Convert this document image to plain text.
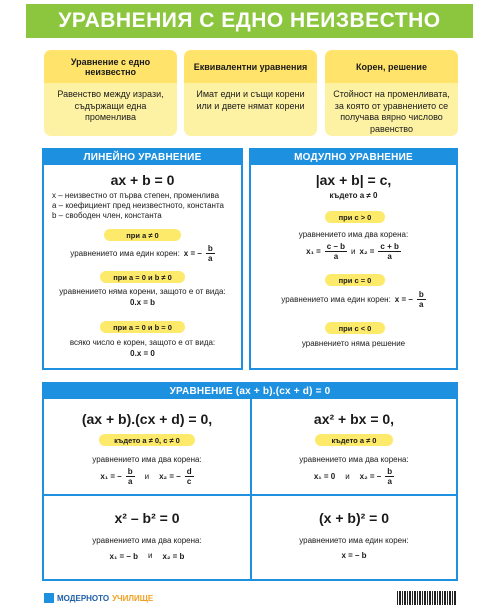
УРАВНЕНИЯ С ЕДНО НЕИЗВЕСТНО
Уравнение с едно неизвестно
Равенство между изрази, съдържащи една променлива
Еквивалентни уравнения
Имат едни и същи корени или и двете нямат корени
Корен, решение
Стойност на променливата, за която от уравнението се получава вярно числово равенство
ЛИНЕЙНО УРАВНЕНИЕ
ax + b = 0
x – неизвестно от първа степен, променлива
a – коефициент пред неизвестното, константа
b – свободен член, константа
при a ≠ 0
уравнението има един корен: x = – $\frac{b}{a}$
при a = 0 и b ≠ 0
уравнението няма корени, защото е от вида:
0.x = b
при a = 0 и b = 0
всяко число е корен, защото е от вида:
0.x = 0
МОДУЛНО УРАВНЕНИЕ
|ax + b| = c,
където a ≠ 0
при c > 0
уравнението има два корена:
$x_1 = \frac{c - b}{a}$ и $x_2 = \frac{c + b}{a}$
при c = 0
уравнението има един корен: x = – $\frac{b}{a}$
при c < 0
уравнението няма решение
УРАВНЕНИЕ (ax + b).(cx + d) = 0
(ax + b).(cx + d) = 0,
където a ≠ 0, c ≠ 0
уравнението има два корена:
x₁ = – $\frac{b}{a}$ и x₂ = – $\frac{d}{c}$
ax² + bx = 0,
където a ≠ 0
уравнението има два корена:
x₁ = 0 и x₂ = – $\frac{b}{a}$
x² – b² = 0
уравнението има два корена:
x₁ = – b и x₂ = b
(x + b)² = 0
уравнението има един корен:
x = – b
МОДЕРНОТО УЧИЛИЩЕ
